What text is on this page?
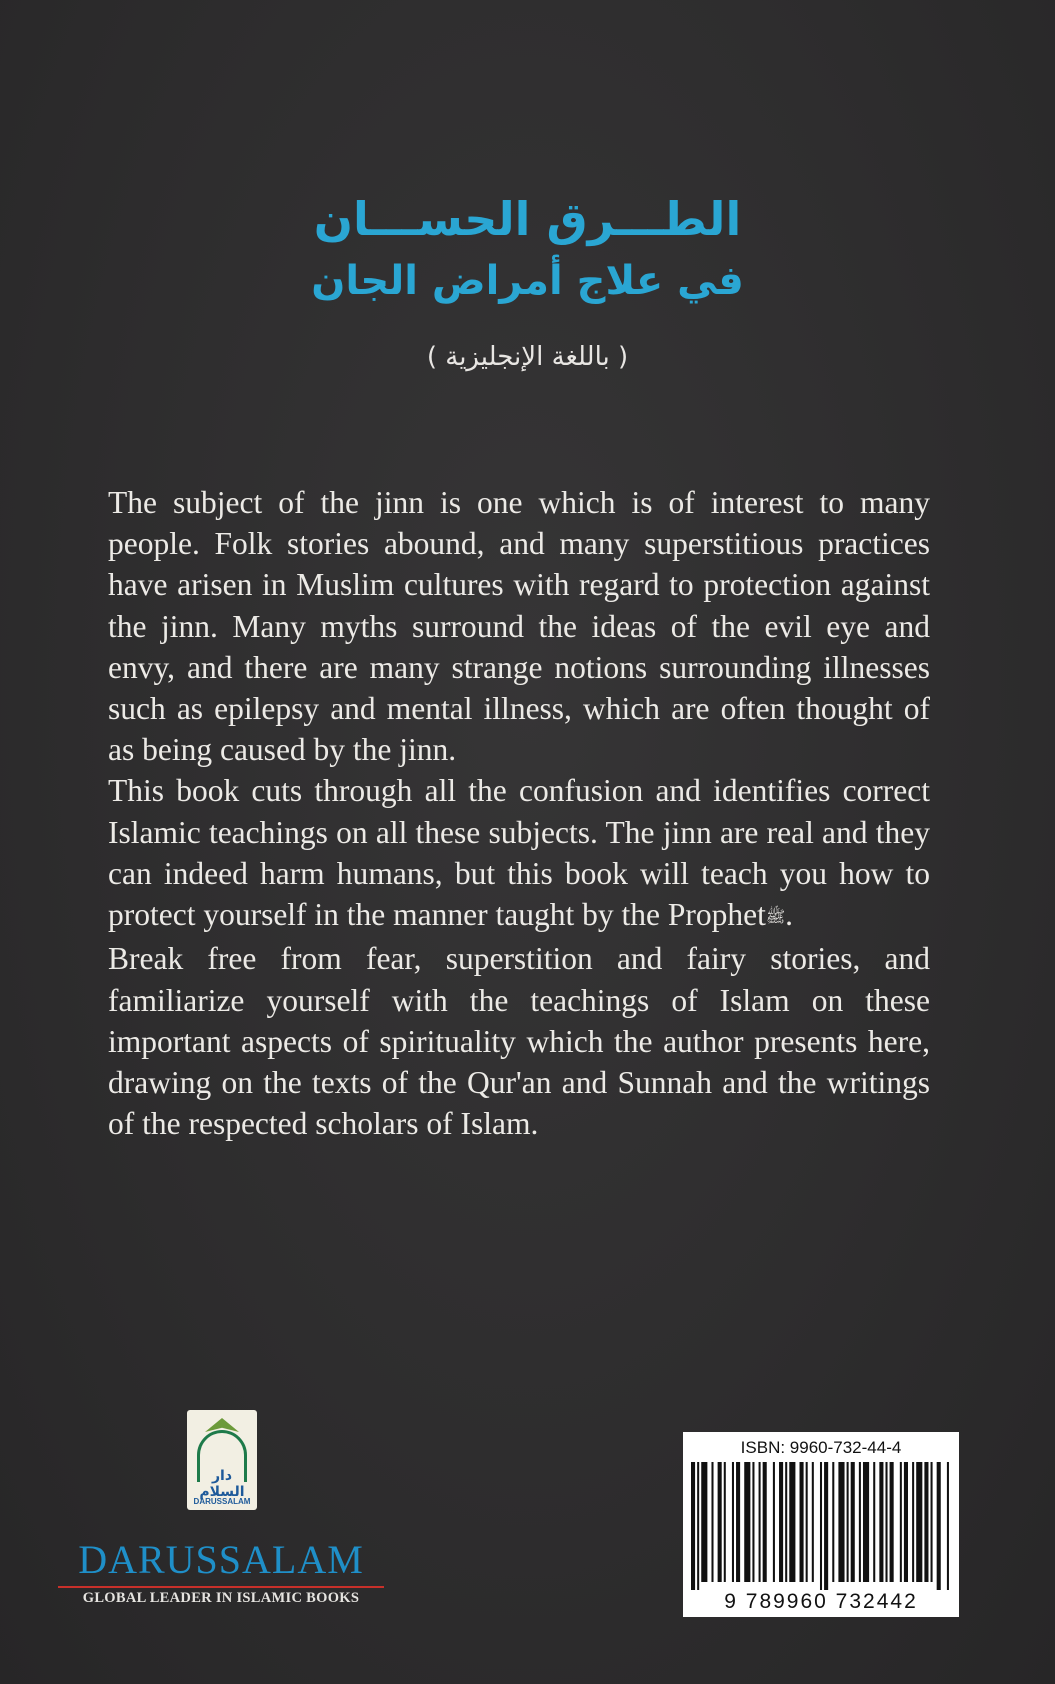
الطـــرق الحســـان
في علاج أمراض الجان
( باللغة الإنجليزية )

The subject of the jinn is one which is of interest to many people. Folk stories abound, and many superstitious practices have arisen in Muslim cultures with regard to protection against the jinn. Many myths surround the ideas of the evil eye and envy, and there are many strange notions surrounding illnesses such as epilepsy and mental illness, which are often thought of as being caused by the jinn.

This book cuts through all the confusion and identifies correct Islamic teachings on all these subjects. The jinn are real and they can indeed harm humans, but this book will teach you how to protect yourself in the manner taught by the Prophetﷺ.

Break free from fear, superstition and fairy stories, and familiarize yourself with the teachings of Islam on these important aspects of spirituality which the author presents here, drawing on the texts of the Qur'an and Sunnah and the writings of the respected scholars of Islam.

دار السلام
DARUSSALAM
DARUSSALAM
GLOBAL LEADER IN ISLAMIC BOOKS
ISBN: 9960-732-44-4
9 789960 732442
